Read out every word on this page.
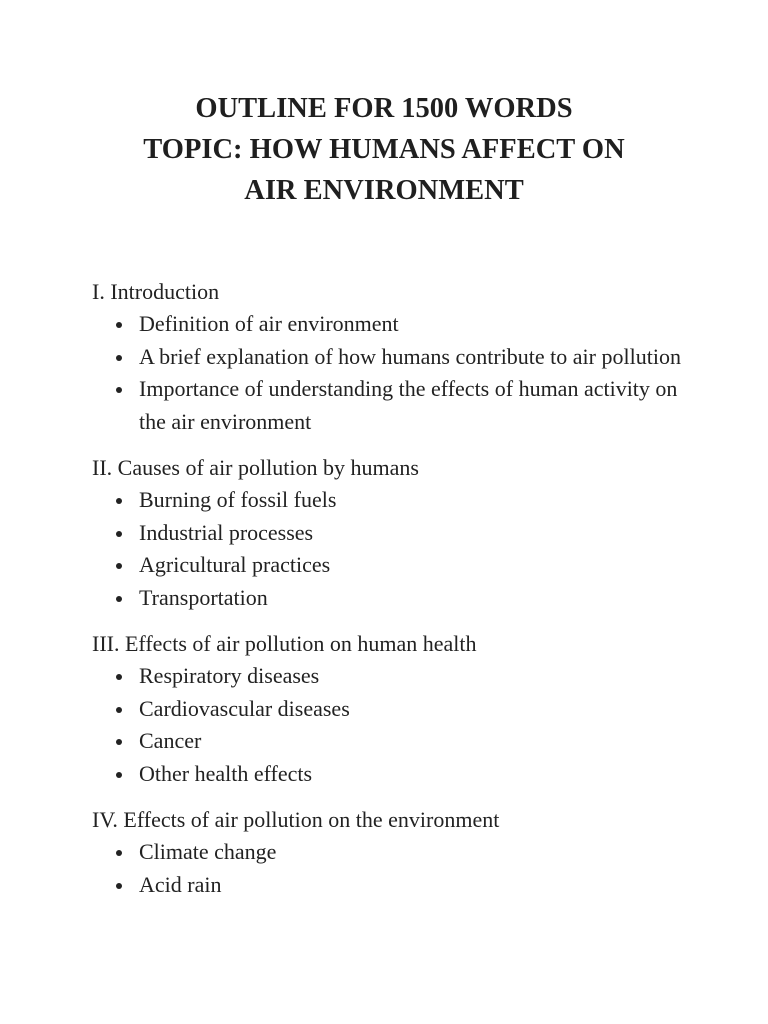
OUTLINE FOR 1500 WORDS
TOPIC: HOW HUMANS AFFECT ON
AIR ENVIRONMENT

I. Introduction

Definition of air environment
A brief explanation of how humans contribute to air pollution
Importance of understanding the effects of human activity on the air environment

II. Causes of air pollution by humans

Burning of fossil fuels
Industrial processes
Agricultural practices
Transportation

III. Effects of air pollution on human health

Respiratory diseases
Cardiovascular diseases
Cancer
Other health effects

IV. Effects of air pollution on the environment

Climate change
Acid rain
